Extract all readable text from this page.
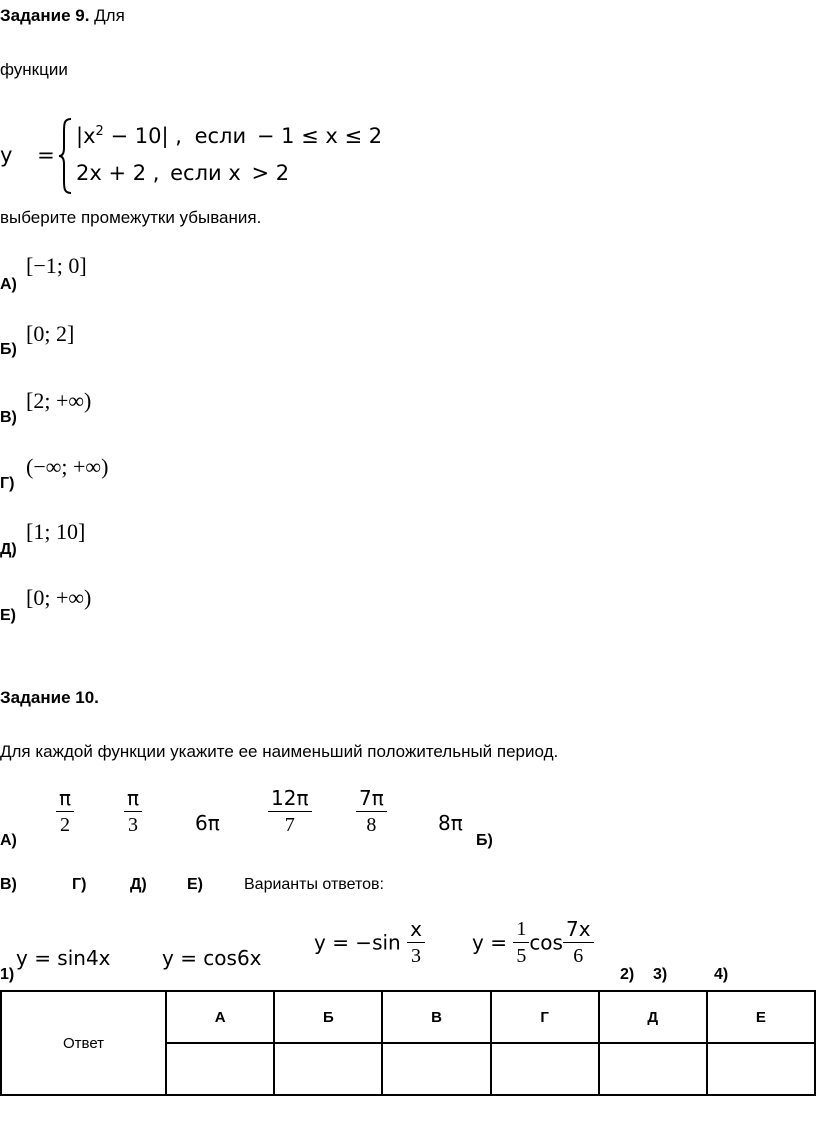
Задание 9. Для
функции
y =
$|x^2 - 10|$ , если − 1 ≤ x ≤ 2
2x + 2 , если x > 2
выберите промежутки убывания.
А)
[−1; 0]
Б)
[0; 2]
В)
[2; +∞)
Г)
(−∞; +∞)
Д)
[1; 10]
Е)
[0; +∞)
Задание 10.
Для каждой функции укажите ее наименьший положительный период.
А)
$\frac{\pi}{2} \frac{\pi}{3}$	$6\pi \frac{12\pi}{7} \frac{7\pi}{8}$	8π
Б)
В)	Г)	Д)	Е)	Варианты ответов:
1)
y = sin4x	y = cos6x
$y = -\sin \frac{x}{3}$ $y = \frac{1}{5}$ $\cos \frac{7x}{6}$
2) 3)	4)
Ответ	А	Б	В	Г	Д	Е
